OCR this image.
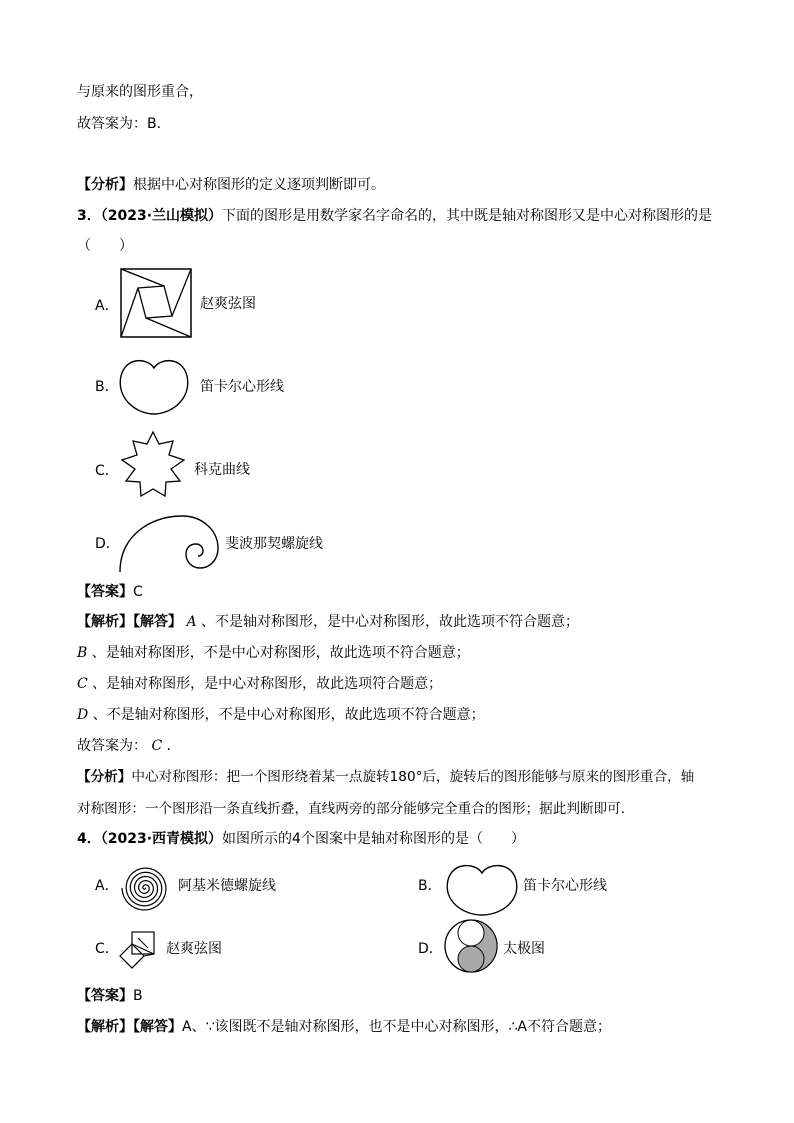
与原来的图形重合，
故答案为：B．
【分析】根据中心对称图形的定义逐项判断即可。
3．（2023·兰山模拟）下面的图形是用数学家名字命名的，其中既是轴对称图形又是中心对称图形的是
（　　）
A．	赵爽弦图
B．	笛卡尔心形线
C．	科克曲线
D．	斐波那契螺旋线
【答案】C
【解析】【解答】 A 、不是轴对称图形，是中心对称图形，故此选项不符合题意；
B 、是轴对称图形，不是中心对称图形，故此选项不符合题意；
C 、是轴对称图形，是中心对称图形，故此选项符合题意；
D 、不是轴对称图形，不是中心对称图形，故此选项不符合题意；
故答案为： C ．
【分析】中心对称图形：把一个图形绕着某一点旋转180°后，旋转后的图形能够与原来的图形重合，轴
对称图形：一个图形沿一条直线折叠，直线两旁的部分能够完全重合的图形；据此判断即可.
4．（2023·西青模拟）如图所示的4个图案中是轴对称图形的是（　　）
A．	阿基米德螺旋线	B．	笛卡尔心形线
C．	赵爽弦图	D．	太极图
【答案】B
【解析】【解答】A、∵该图既不是轴对称图形，也不是中心对称图形，∴A不符合题意；
